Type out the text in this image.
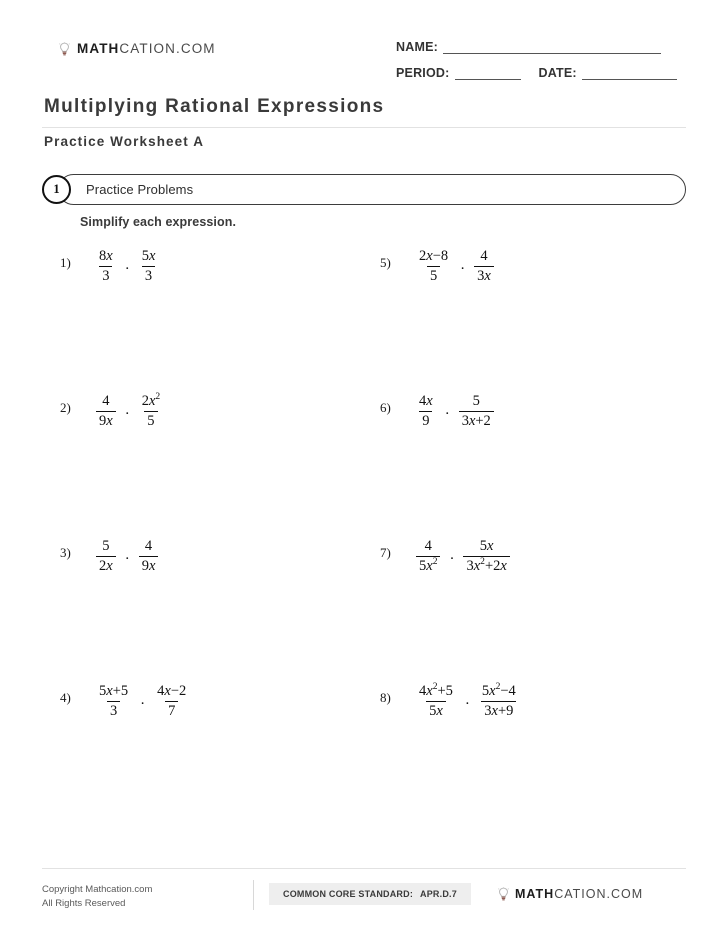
MATHCATION.COM	NAME:
PERIOD:	DATE:
Multiplying Rational Expressions
Practice Worksheet A
1	Practice Problems
Simplify each expression.
$1) \frac{8x}{3} \cdot \frac{5x}{3}$
$2) \frac{4}{9x} \cdot \frac{2x^2}{5}$
$3) \frac{5}{2x} \cdot \frac{4}{9x}$
$4) \frac{5x+5}{3} \cdot \frac{4x-2}{7}$
$5) \frac{2x-8}{5} \cdot \frac{4}{3x}$
$6) \frac{4x}{9} \cdot \frac{5}{3x+2}$
$7) \frac{4}{5x^2} \cdot \frac{5x}{3x^2+2x}$
$8) \frac{4x^2+5}{5x} \cdot \frac{5x^2-4}{3x+9}$
Copyright Mathcation.com
All Rights Reserved
COMMON CORE STANDARD: APR.D.7	MATHCATION.COM
